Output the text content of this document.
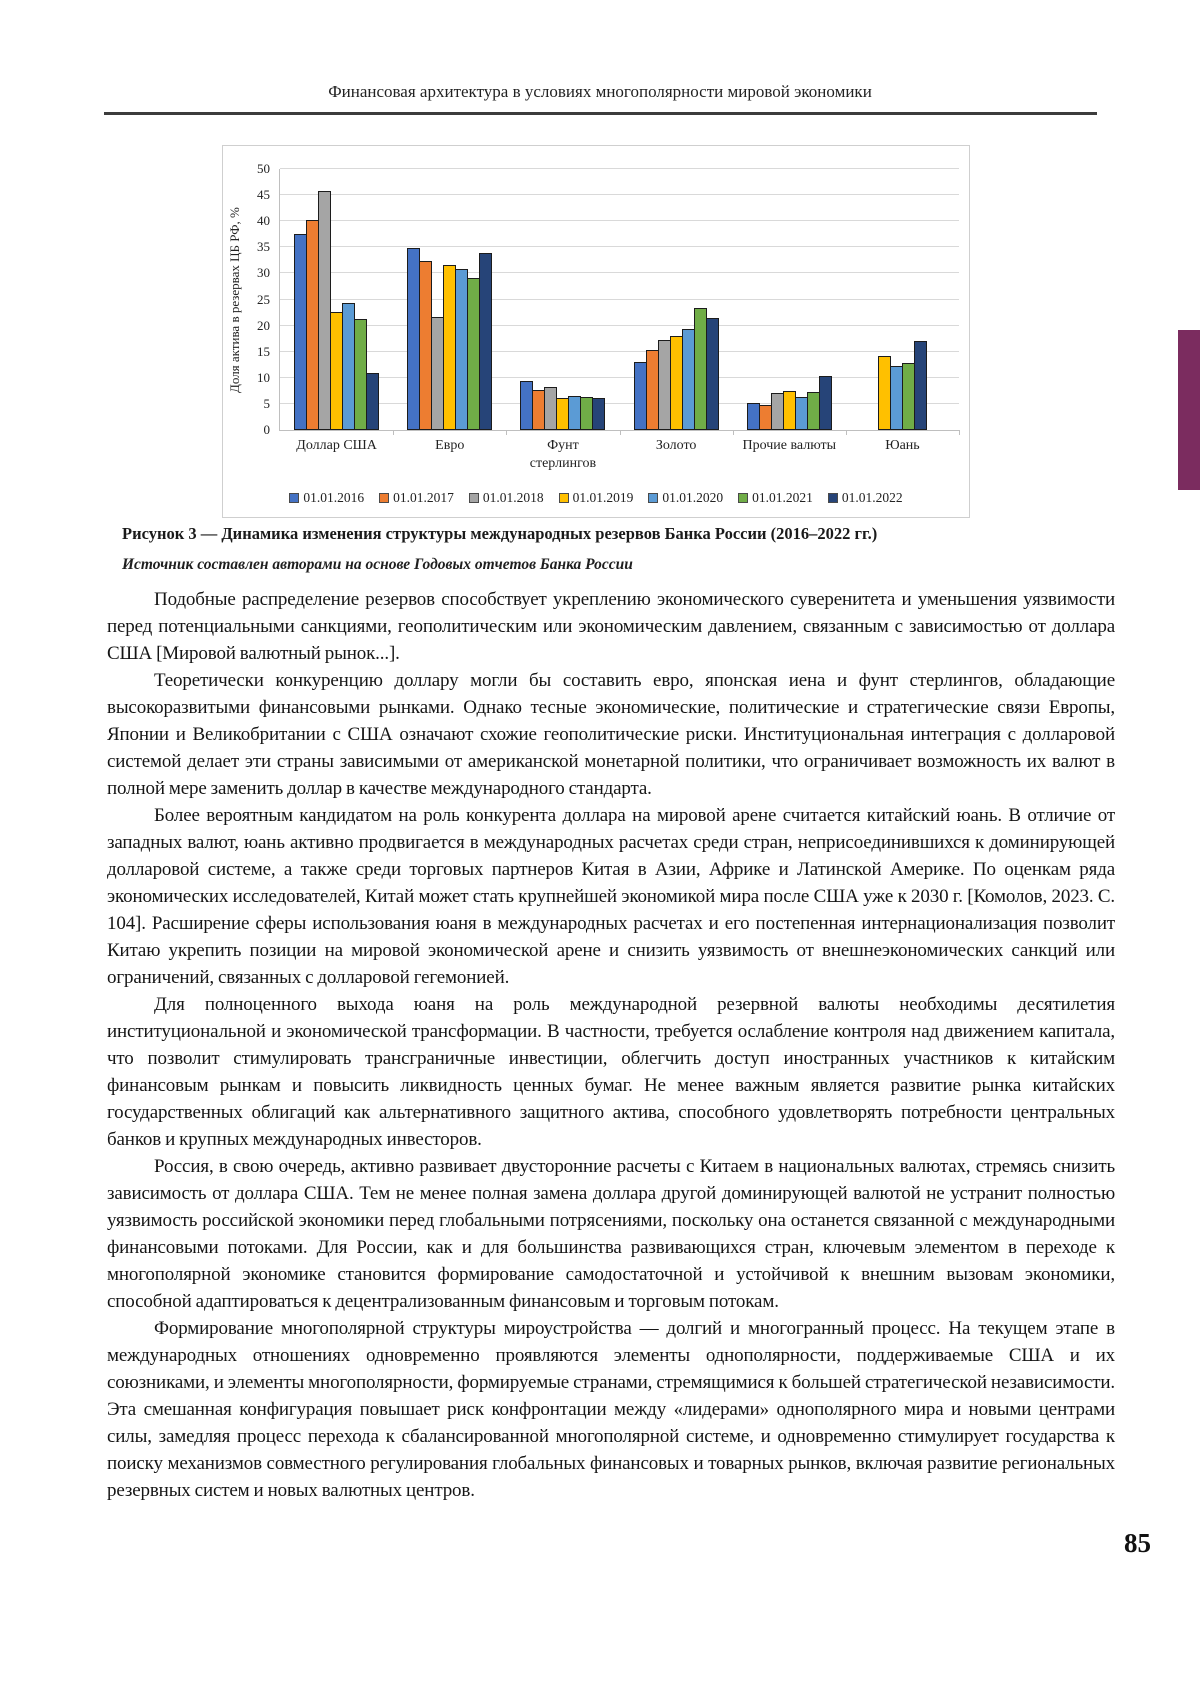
Финансовая архитектура в условиях многополярности мировой экономики
Доля актива в резервах ЦБ РФ, %
0
5
10
15
20
25
30
35
40
45
50
Доллар США	Евро	Фунт стерлингов
Золото	Прочие валюты	Юань
01.01.2016 01.01.2017 01.01.2018 01.01.2019 01.01.2020 01.01.2021 01.01.2022
Рисунок 3 — Динамика изменения структуры международных резервов Банка России (2016–2022 гг.)
Источник составлен авторами на основе Годовых отчетов Банка России

Подобные распределение резервов способствует укреплению экономического суверенитета и уменьшения уязвимости перед потенциальными санкциями, геополитическим или экономическим давлением, связанным с зависимостью от доллара США [Мировой валютный рынок...].

Теоретически конкуренцию доллару могли бы составить евро, японская иена и фунт стерлингов, обладающие высокоразвитыми финансовыми рынками. Однако тесные экономические, политические и стратегические связи Европы, Японии и Великобритании с США означают схожие геополитические риски. Институциональная интеграция с долларовой системой делает эти страны зависимыми от американской монетарной политики, что ограничивает возможность их валют в полной мере заменить доллар в качестве международного стандарта.

Более вероятным кандидатом на роль конкурента доллара на мировой арене считается китайский юань. В отличие от западных валют, юань активно продвигается в международных расчетах среди стран, неприсоединившихся к доминирующей долларовой системе, а также среди торговых партнеров Китая в Азии, Африке и Латинской Америке. По оценкам ряда экономических исследователей, Китай может стать крупнейшей экономикой мира после США уже к 2030 г. [Комолов, 2023. С. 104]. Расширение сферы использования юаня в международных расчетах и его постепенная интернационализация позволит Китаю укрепить позиции на мировой экономической арене и снизить уязвимость от внешнеэкономических санкций или ограничений, связанных с долларовой гегемонией.

Для полноценного выхода юаня на роль международной резервной валюты необходимы десятилетия институциональной и экономической трансформации. В частности, требуется ослабление контроля над движением капитала, что позволит стимулировать трансграничные инвестиции, облегчить доступ иностранных участников к китайским финансовым рынкам и повысить ликвидность ценных бумаг. Не менее важным является развитие рынка китайских государственных облигаций как альтернативного защитного актива, способного удовлетворять потребности центральных банков и крупных международных инвесторов.

Россия, в свою очередь, активно развивает двусторонние расчеты с Китаем в национальных валютах, стремясь снизить зависимость от доллара США. Тем не менее полная замена доллара другой доминирующей валютой не устранит полностью уязвимость российской экономики перед глобальными потрясениями, поскольку она останется связанной с международными финансовыми потоками. Для России, как и для большинства развивающихся стран, ключевым элементом в переходе к многополярной экономике становится формирование самодостаточной и устойчивой к внешним вызовам экономики, способной адаптироваться к децентрализованным финансовым и торговым потокам.

Формирование многополярной структуры мироустройства — долгий и многогранный процесс. На текущем этапе в международных отношениях одновременно проявляются элементы однополярности, поддерживаемые США и их союзниками, и элементы многополярности, формируемые странами, стремящимися к большей стратегической независимости. Эта смешанная конфигурация повышает риск конфронтации между «лидерами» однополярного мира и новыми центрами силы, замедляя процесс перехода к сбалансированной многополярной системе, и одновременно стимулирует государства к поиску механизмов совместного регулирования глобальных финансовых и товарных рынков, включая развитие региональных резервных систем и новых валютных центров.

85
